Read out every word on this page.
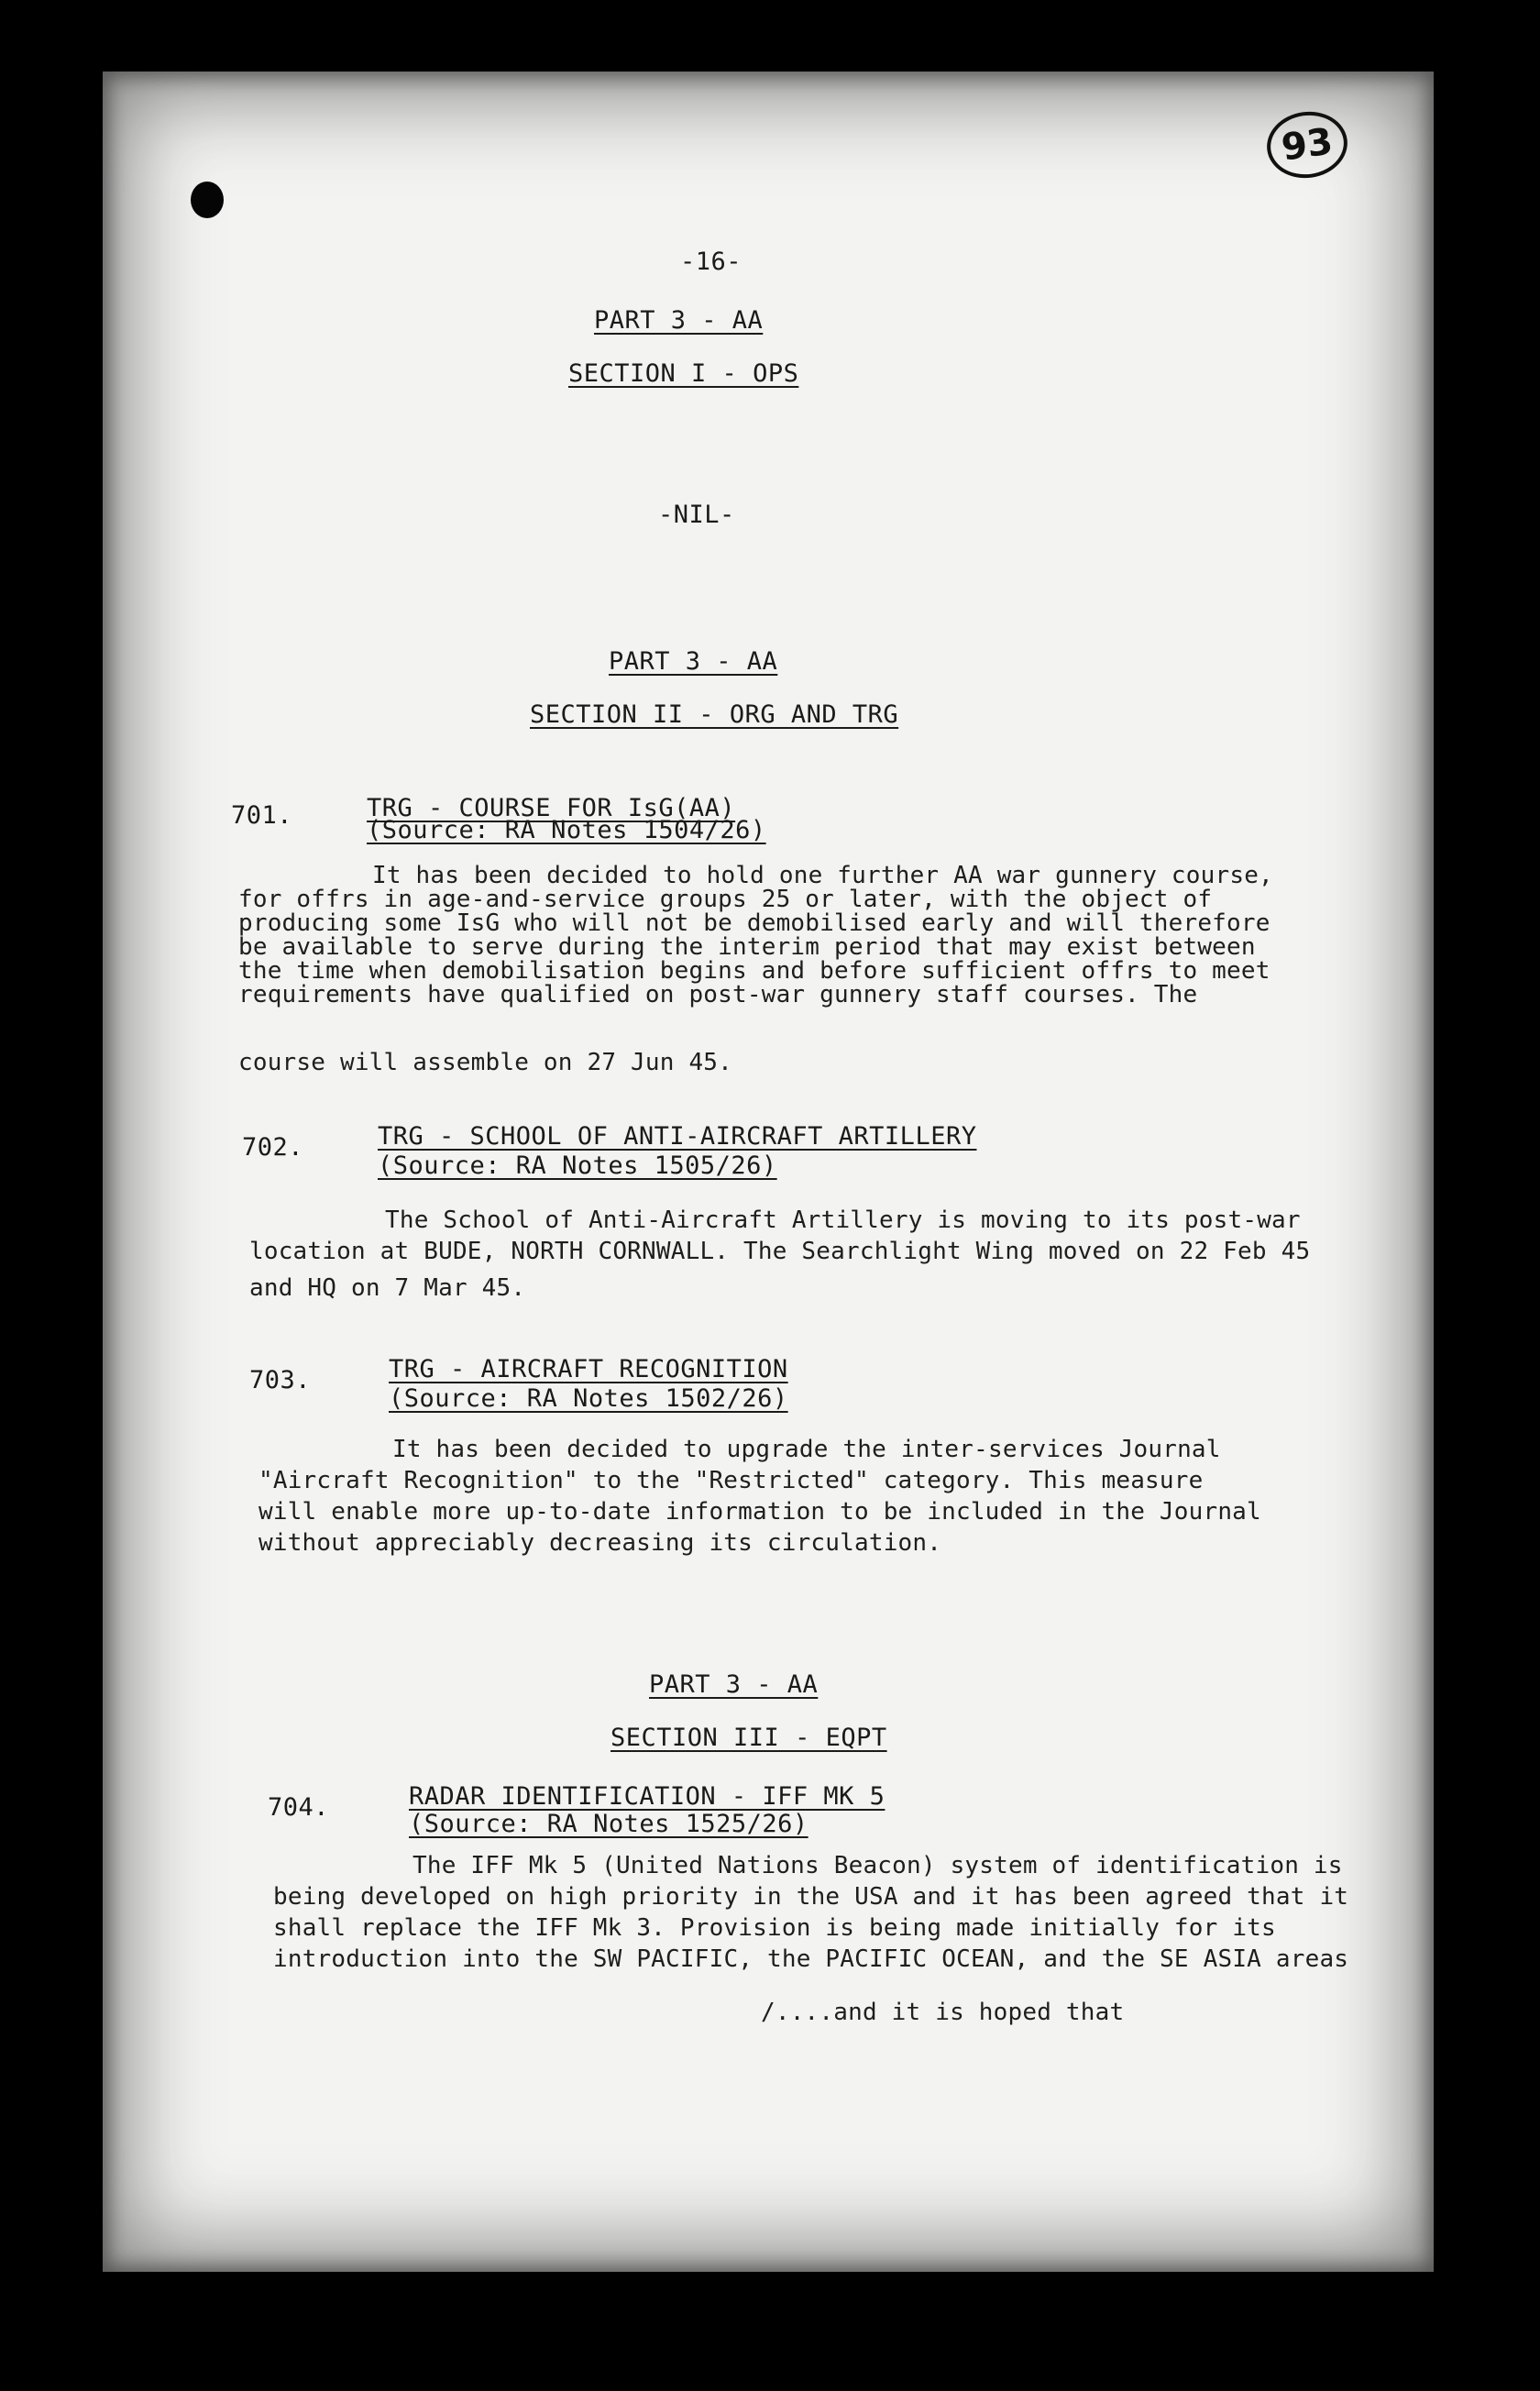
93
-16-
PART 3 - AA
SECTION I - OPS
-NIL-
PART 3 - AA
SECTION II - ORG AND TRG
701.	TRG - COURSE FOR IsG(AA)
(Source: RA Notes 1504/26)
It has been decided to hold one further AA war gunnery course,
for offrs in age-and-service groups 25 or later, with the object of
producing some IsG who will not be demobilised early and will therefore
be available to serve during the interim period that may exist between
the time when demobilisation begins and before sufficient offrs to meet
requirements have qualified on post-war gunnery staff courses. The
course will assemble on 27 Jun 45.
702.	TRG - SCHOOL OF ANTI-AIRCRAFT ARTILLERY
(Source: RA Notes 1505/26)
The School of Anti-Aircraft Artillery is moving to its post-war
location at BUDE, NORTH CORNWALL. The Searchlight Wing moved on 22 Feb 45
and HQ on 7 Mar 45.
703.	TRG - AIRCRAFT RECOGNITION
(Source: RA Notes 1502/26)
It has been decided to upgrade the inter-services Journal
"Aircraft Recognition" to the "Restricted" category. This measure
will enable more up-to-date information to be included in the Journal
without appreciably decreasing its circulation.
PART 3 - AA
SECTION III - EQPT
704.	RADAR IDENTIFICATION - IFF MK 5
(Source: RA Notes 1525/26)
The IFF Mk 5 (United Nations Beacon) system of identification is
being developed on high priority in the USA and it has been agreed that it
shall replace the IFF Mk 3. Provision is being made initially for its
introduction into the SW PACIFIC, the PACIFIC OCEAN, and the SE ASIA areas
/....and it is hoped that
